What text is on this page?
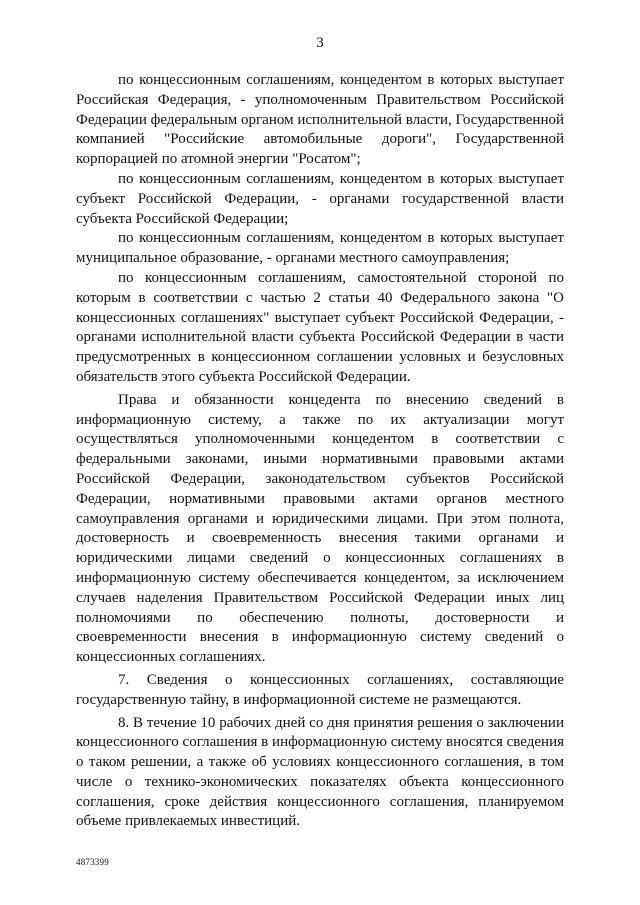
3

по концессионным соглашениям, концедентом в которых выступает Российская Федерация, - уполномоченным Правительством Российской Федерации федеральным органом исполнительной власти, Государственной компанией "Российские автомобильные дороги", Государственной корпорацией по атомной энергии "Росатом";

по концессионным соглашениям, концедентом в которых выступает субъект Российской Федерации, - органами государственной власти субъекта Российской Федерации;

по концессионным соглашениям, концедентом в которых выступает муниципальное образование, - органами местного самоуправления;

по концессионным соглашениям, самостоятельной стороной по которым в соответствии с частью 2 статьи 40 Федерального закона "О концессионных соглашениях" выступает субъект Российской Федерации, - органами исполнительной власти субъекта Российской Федерации в части предусмотренных в концессионном соглашении условных и безусловных обязательств этого субъекта Российской Федерации.

Права и обязанности концедента по внесению сведений в информационную систему, а также по их актуализации могут осуществляться уполномоченными концедентом в соответствии с федеральными законами, иными нормативными правовыми актами Российской Федерации, законодательством субъектов Российской Федерации, нормативными правовыми актами органов местного самоуправления органами и юридическими лицами. При этом полнота, достоверность и своевременность внесения такими органами и юридическими лицами сведений о концессионных соглашениях в информационную систему обеспечивается концедентом, за исключением случаев наделения Правительством Российской Федерации иных лиц полномочиями по обеспечению полноты, достоверности и своевременности внесения в информационную систему сведений о концессионных соглашениях.

7. Сведения о концессионных соглашениях, составляющие государственную тайну, в информационной системе не размещаются.

8. В течение 10 рабочих дней со дня принятия решения о заключении концессионного соглашения в информационную систему вносятся сведения о таком решении, а также об условиях концессионного соглашения, в том числе о технико-экономических показателях объекта концессионного соглашения, сроке действия концессионного соглашения, планируемом объеме привлекаемых инвестиций.

4873399
